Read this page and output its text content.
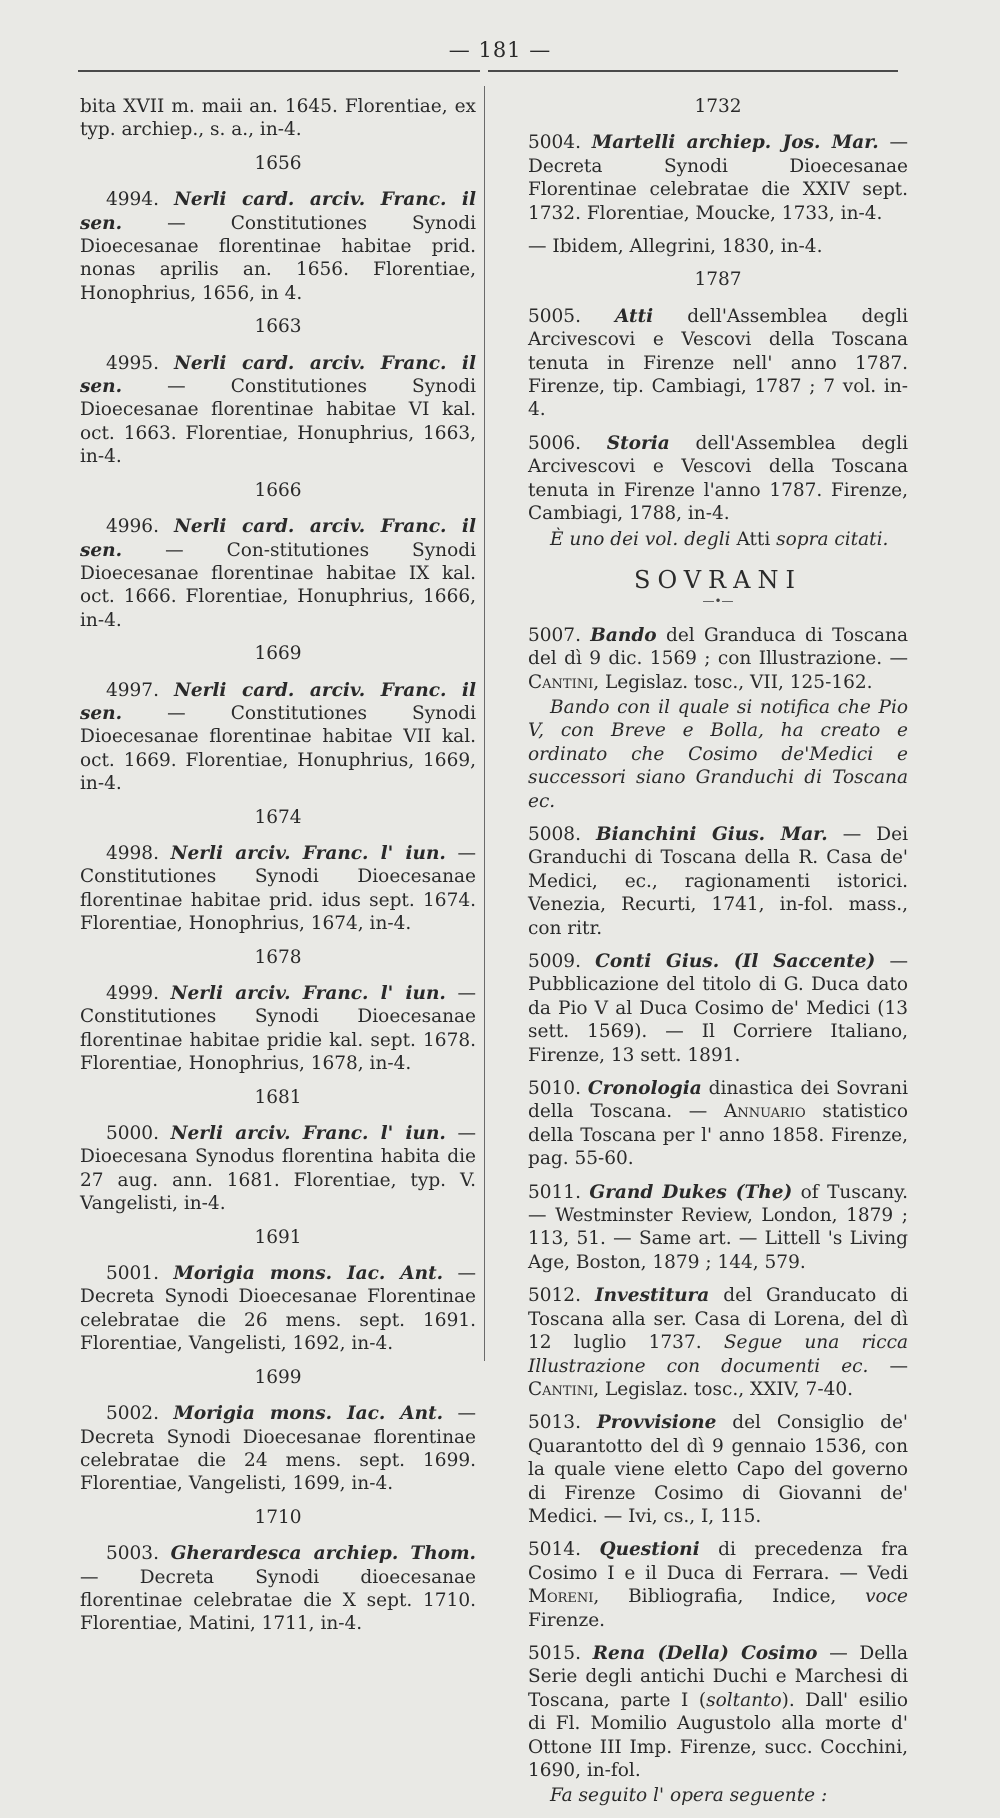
— 181 —

bita XVII m. maii an. 1645. Florentiae, ex typ. archiep., s. a., in-4.

1656

4994. Nerli card. arciv. Franc. il sen. — Constitutiones Synodi Dioecesanae florentinae habitae prid. nonas aprilis an. 1656. Florentiae, Honophrius, 1656, in 4.

1663

4995. Nerli card. arciv. Franc. il sen. — Constitutiones Synodi Dioecesanae florentinae habitae VI kal. oct. 1663. Florentiae, Honuphrius, 1663, in-4.

1666

4996. Nerli card. arciv. Franc. il sen. — Con-stitutiones Synodi Dioecesanae florentinae habitae IX kal. oct. 1666. Florentiae, Honuphrius, 1666, in-4.

1669

4997. Nerli card. arciv. Franc. il sen. — Constitutiones Synodi Dioecesanae florentinae habitae VII kal. oct. 1669. Florentiae, Honuphrius, 1669, in-4.

1674

4998. Nerli arciv. Franc. l' iun. — Constitutiones Synodi Dioecesanae florentinae habitae prid. idus sept. 1674. Florentiae, Honophrius, 1674, in-4.

1678

4999. Nerli arciv. Franc. l' iun. — Constitutiones Synodi Dioecesanae florentinae habitae pridie kal. sept. 1678. Florentiae, Honophrius, 1678, in-4.

1681

5000. Nerli arciv. Franc. l' iun. — Dioecesana Synodus florentina habita die 27 aug. ann. 1681. Florentiae, typ. V. Vangelisti, in-4.

1691

5001. Morigia mons. Iac. Ant. — Decreta Synodi Dioecesanae Florentinae celebratae die 26 mens. sept. 1691. Florentiae, Vangelisti, 1692, in-4.

1699

5002. Morigia mons. Iac. Ant. — Decreta Synodi Dioecesanae florentinae celebratae die 24 mens. sept. 1699. Florentiae, Vangelisti, 1699, in-4.

1710

5003. Gherardesca archiep. Thom. — Decreta Synodi dioecesanae florentinae celebratae die X sept. 1710. Florentiae, Matini, 1711, in-4.

1732

5004. Martelli archiep. Jos. Mar. — Decreta Synodi Dioecesanae Florentinae celebratae die XXIV sept. 1732. Florentiae, Moucke, 1733, in-4.

— Ibidem, Allegrini, 1830, in-4.

1787

5005. Atti dell'Assemblea degli Arcivescovi e Vescovi della Toscana tenuta in Firenze nell' anno 1787. Firenze, tip. Cambiagi, 1787 ; 7 vol. in-4.

5006. Storia dell'Assemblea degli Arcivescovi e Vescovi della Toscana tenuta in Firenze l'anno 1787. Firenze, Cambiagi, 1788, in-4.

È uno dei vol. degli Atti sopra citati.

SOVRANI
—•—

5007. Bando del Granduca di Toscana del dì 9 dic. 1569 ; con Illustrazione. — Cantini, Legislaz. tosc., VII, 125-162.

Bando con il quale si notifica che Pio V, con Breve e Bolla, ha creato e ordinato che Cosimo de'Medici e successori siano Granduchi di Toscana ec.

5008. Bianchini Gius. Mar. — Dei Granduchi di Toscana della R. Casa de' Medici, ec., ragionamenti istorici. Venezia, Recurti, 1741, in-fol. mass., con ritr.

5009. Conti Gius. (Il Saccente) — Pubblicazione del titolo di G. Duca dato da Pio V al Duca Cosimo de' Medici (13 sett. 1569). — Il Corriere Italiano, Firenze, 13 sett. 1891.

5010. Cronologia dinastica dei Sovrani della Toscana. — Annuario statistico della Toscana per l' anno 1858. Firenze, pag. 55-60.

5011. Grand Dukes (The) of Tuscany. — Westminster Review, London, 1879 ; 113, 51. — Same art. — Littell 's Living Age, Boston, 1879 ; 144, 579.

5012. Investitura del Granducato di Toscana alla ser. Casa di Lorena, del dì 12 luglio 1737. Segue una ricca Illustrazione con documenti ec. — Cantini, Legislaz. tosc., XXIV, 7-40.

5013. Provvisione del Consiglio de' Quarantotto del dì 9 gennaio 1536, con la quale viene eletto Capo del governo di Firenze Cosimo di Giovanni de' Medici. — Ivi, cs., I, 115.

5014. Questioni di precedenza fra Cosimo I e il Duca di Ferrara. — Vedi Moreni, Bibliografia, Indice, voce Firenze.

5015. Rena (Della) Cosimo — Della Serie degli antichi Duchi e Marchesi di Toscana, parte I (soltanto). Dall' esilio di Fl. Momilio Augustolo alla morte d' Ottone III Imp. Firenze, succ. Cocchini, 1690, in-fol.

Fa seguito l' opera seguente :
